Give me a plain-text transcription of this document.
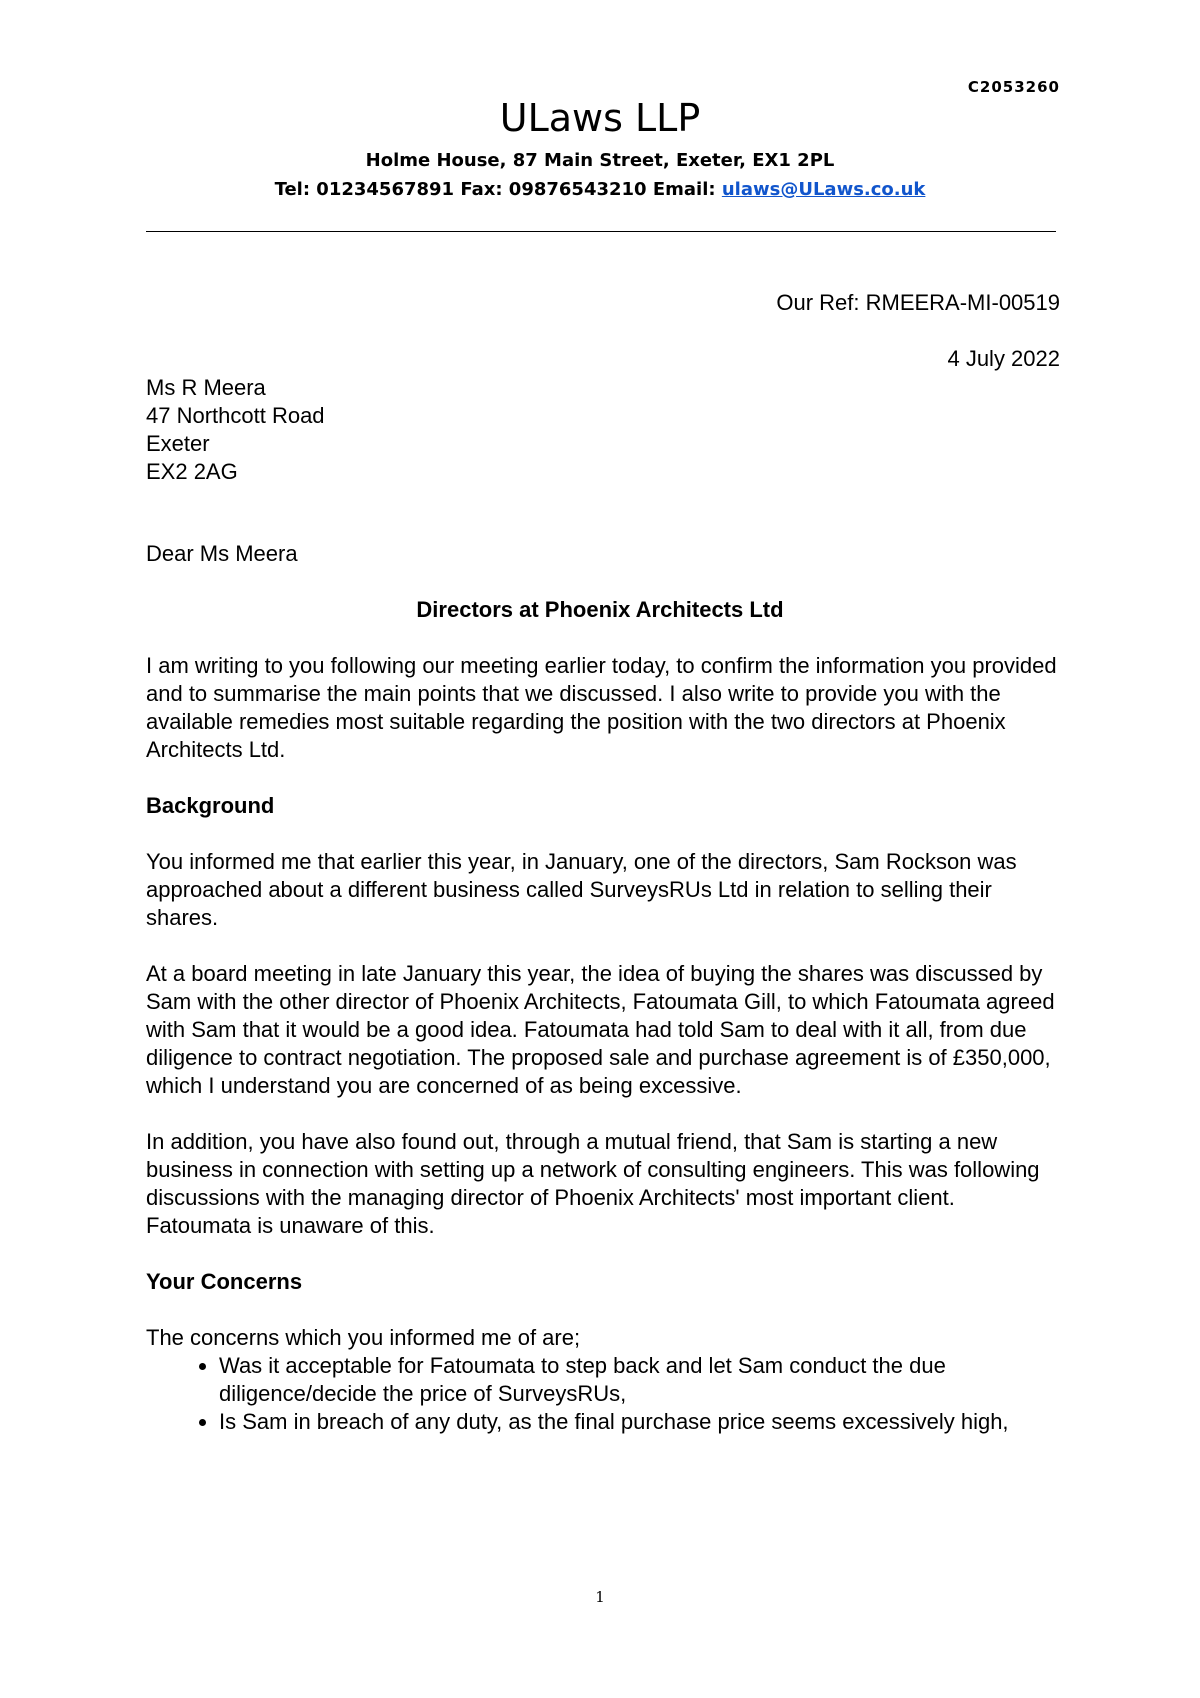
C2053260
ULaws LLP
Holme House, 87 Main Street, Exeter, EX1 2PL
Tel: 01234567891 Fax: 09876543210 Email: ulaws@ULaws.co.uk
Our Ref: RMEERA-MI-00519
4 July 2022
Ms R Meera
47 Northcott Road
Exeter
EX2 2AG
Dear Ms Meera
Directors at Phoenix Architects Ltd

I am writing to you following our meeting earlier today, to confirm the information you provided and to summarise the main points that we discussed. I also write to provide you with the available remedies most suitable regarding the position with the two directors at Phoenix Architects Ltd.

Background

You informed me that earlier this year, in January, one of the directors, Sam Rockson was approached about a different business called SurveysRUs Ltd in relation to selling their shares.

At a board meeting in late January this year, the idea of buying the shares was discussed by Sam with the other director of Phoenix Architects, Fatoumata Gill, to which Fatoumata agreed with Sam that it would be a good idea. Fatoumata had told Sam to deal with it all, from due diligence to contract negotiation. The proposed sale and purchase agreement is of £350,000, which I understand you are concerned of as being excessive.

In addition, you have also found out, through a mutual friend, that Sam is starting a new business in connection with setting up a network of consulting engineers. This was following discussions with the managing director of Phoenix Architects' most important client. Fatoumata is unaware of this.

Your Concerns
The concerns which you informed me of are;
• Was it acceptable for Fatoumata to step back and let Sam conduct the due diligence/decide the price of SurveysRUs,
• Is Sam in breach of any duty, as the final purchase price seems excessively high,
1
